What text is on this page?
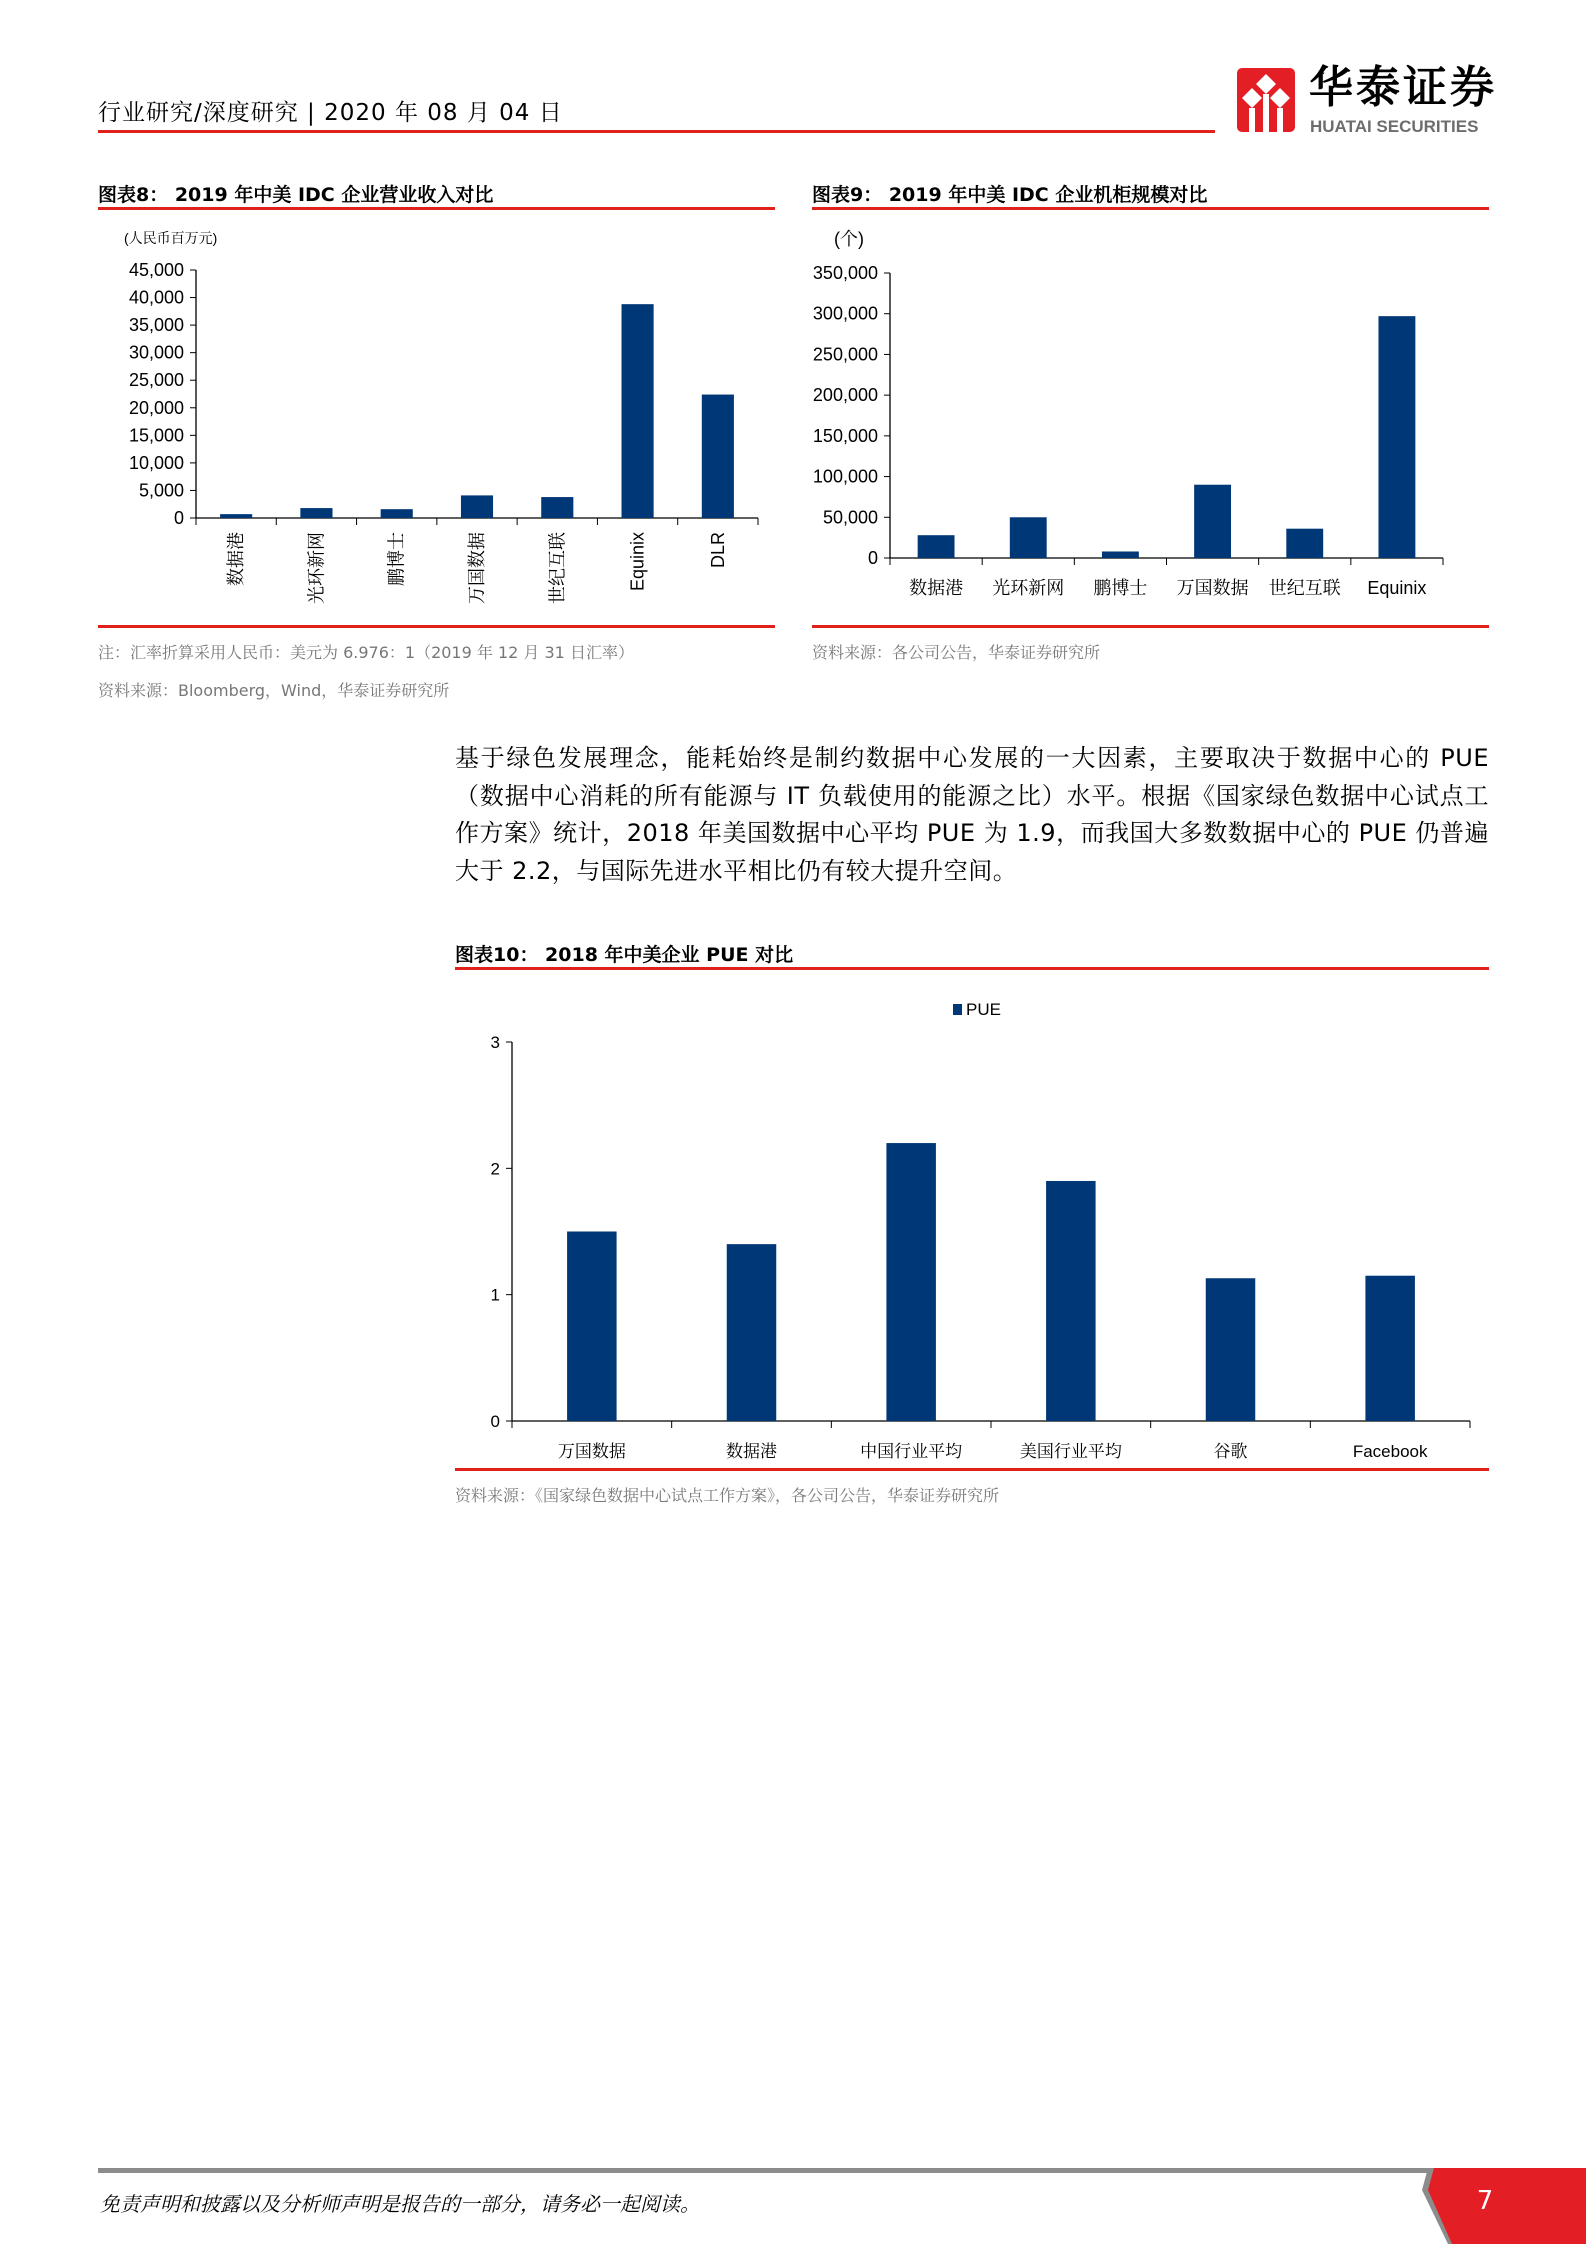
行业研究/深度研究 | 2020 年 08 月 04 日	华泰证券
HUATAI SECURITIES
图表8： 2019 年中美 IDC 企业营业收入对比
0
5,000
10,000
15,000
20,000
25,000
30,000
35,000
40,000
45,000
(人民币百万元)
数据港	光环新网	鹏博士	万国数据	世纪互联	Equinix	DLR
注：汇率折算采用人民币：美元为 6.976：1（2019 年 12 月 31 日汇率）
资料来源：Bloomberg，Wind，华泰证券研究所
图表9： 2019 年中美 IDC 企业机柜规模对比
0
50,000
100,000
150,000
200,000
250,000
300,000
350,000
(个)
数据港 光环新网 鹏博士 万国数据 世纪互联 Equinix
资料来源：各公司公告，华泰证券研究所
基于绿色发展理念，能耗始终是制约数据中心发展的一大因素，主要取决于数据中心的 PUE（数据中心消耗的所有能源与 IT 负载使用的能源之比）水平。根据《国家绿色数据中心试点工作方案》统计，2018 年美国数据中心平均 PUE 为 1.9，而我国大多数数据中心的 PUE 仍普遍大于 2.2，与国际先进水平相比仍有较大提升空间。
图表10： 2018 年中美企业 PUE 对比
0
1
2
3
万国数据	数据港	中国行业平均	美国行业平均	谷歌	Facebook
PUE
资料来源：《国家绿色数据中心试点工作方案》，各公司公告，华泰证券研究所
免责声明和披露以及分析师声明是报告的一部分，请务必一起阅读。	7
